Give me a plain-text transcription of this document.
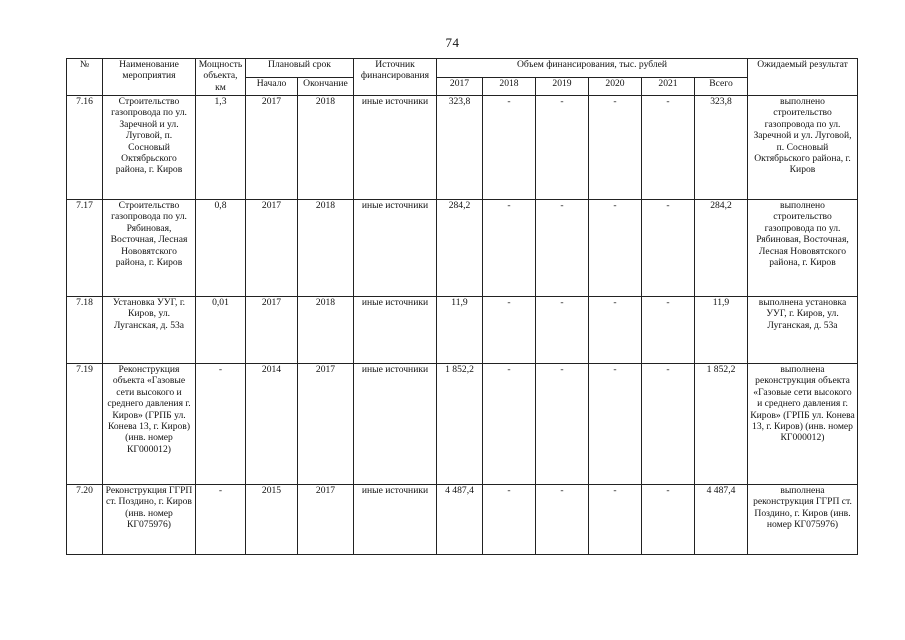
74
№	Наименование мероприятия	Мощность объекта, км	Плановый срок		Источник финансирования	Объем финансирования, тыс. рублей						Ожидаемый результат
			Начало	Окончание		2017	2018	2019	2020	2021	Всего	
7.16	Строительство газопровода по ул. Заречной и ул. Луговой, п. Сосновый Октябрьского района, г. Киров	1,3	2017	2018	иные источники	323,8	-	-	-	-	323,8	выполнено строительство газопровода по ул. Заречной и ул. Луговой, п. Сосновый Октябрьского района, г. Киров
7.17	Строительство газопровода по ул. Рябиновая, Восточная, Лесная Нововятского района, г. Киров	0,8	2017	2018	иные источники	284,2	-	-	-	-	284,2	выполнено строительство газопровода по ул. Рябиновая, Восточная, Лесная Нововятского района, г. Киров
7.18	Установка УУГ, г. Киров, ул. Луганская, д. 53а	0,01	2017	2018	иные источники	11,9	-	-	-	-	11,9	выполнена установка УУГ, г. Киров, ул. Луганская, д. 53а
7.19	Реконструкция объекта «Газовые сети высокого и среднего давления г. Киров» (ГРПБ ул. Конева 13, г. Киров) (инв. номер КГ000012)	-	2014	2017	иные источники	1 852,2	-	-	-	-	1 852,2	выполнена реконструкция объекта «Газовые сети высокого и среднего давления г. Киров» (ГРПБ ул. Конева 13, г. Киров) (инв. номер КГ000012)
7.20	Реконструкция ГГРП ст. Поздино, г. Киров (инв. номер КГ075976)	-	2015	2017	иные источники	4 487,4	-	-	-	-	4 487,4	выполнена реконструкция ГГРП ст. Поздино, г. Киров (инв. номер КГ075976)
